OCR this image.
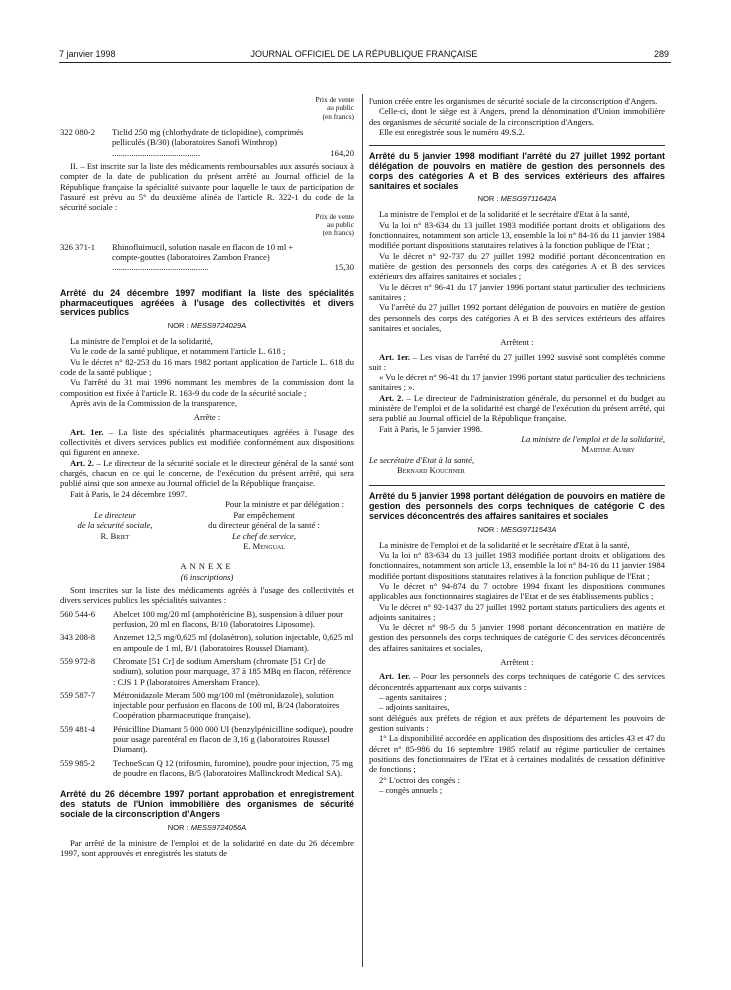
7 janvier 1998	JOURNAL OFFICIEL DE LA RÉPUBLIQUE FRANÇAISE	289
Prix de vente
au public
(en francs)
322 080-2	Ticlid 250 mg (chlorhydrate de ticlopidine), comprimés pelliculés (B/30) (laboratoires Sanofi Winthrop) .........................................	164,20

II. – Est inscrite sur la liste des médicaments remboursables aux assurés sociaux à compter de la date de publication du présent arrêté au Journal officiel de la République française la spécialité suivante pour laquelle le taux de participation de l'assuré est prévu au 5° du deuxième alinéa de l'article R. 322-1 du code de la sécurité sociale :

Prix de vente
au public
(en francs)
326 371-1	Rhinofluimucil, solution nasale en flacon de 10 ml + compte-gouttes (laboratoires Zambon France) .............................................	15,30
Arrêté du 24 décembre 1997 modifiant la liste des spécialités pharmaceutiques agréées à l'usage des collectivités et divers services publics
NOR : MESS9724029A

La ministre de l'emploi et de la solidarité,

Vu le code de la santé publique, et notamment l'article L. 618 ;

Vu le décret n° 82-253 du 16 mars 1982 portant application de l'article L. 618 du code de la santé publique ;

Vu l'arrêté du 31 mai 1996 nommant les membres de la commission dont la composition est fixée à l'article R. 163-9 du code de la sécurité sociale ;

Après avis de la Commission de la transparence,

Arrête :

Art. 1er. – La liste des spécialités pharmaceutiques agréées à l'usage des collectivités et divers services publics est modifiée conformément aux dispositions qui figurent en annexe.

Art. 2. – Le directeur de la sécurité sociale et le directeur général de la santé sont chargés, chacun en ce qui le concerne, de l'exécution du présent arrêté, qui sera publié ainsi que son annexe au Journal officiel de la République française.

Fait à Paris, le 24 décembre 1997.

Pour la ministre et par délégation :

Le directeur
de la sécurité sociale,
R. Briet
Par empêchement
du directeur général de la santé :
Le chef de service,
E. Mengual
ANNEXE
(6 inscriptions)

Sont inscrites sur la liste des médicaments agréés à l'usage des collectivités et divers services publics les spécialités suivantes :

560 544-6	Abelcet 100 mg/20 ml (amphotéricine B), suspension à diluer pour perfusion, 20 ml en flacons, B/10 (laboratoires Liposome).
343 208-8	Anzemet 12,5 mg/0,625 ml (dolasétron), solution injectable, 0,625 ml en ampoule de 1 ml, B/1 (laboratoires Roussel Diamant).
559 972-8	Chromate [51 Cr] de sodium Amersham (chromate [51 Cr] de sodium), solution pour marquage, 37 à 185 MBq en flacon, référence : CJS 1 P (laboratoires Amersham France).
559 587-7	Métronidazole Meram 500 mg/100 ml (métronidazole), solution injectable pour perfusion en flacons de 100 ml, B/24 (laboratoires Coopération pharmaceutique française).
559 481-4	Pénicilline Diamant 5 000 000 UI (benzylpénicilline sodique), poudre pour usage parentéral en flacon de 3,16 g (laboratoires Roussel Diamant).
559 985-2	TechneScan Q 12 (trifosmin, furomine), poudre pour injection, 75 mg de poudre en flacons, B/5 (laboratoires Mallinckrodt Medical SA).
Arrêté du 26 décembre 1997 portant approbation et enregistrement des statuts de l'Union immobilière des organismes de sécurité sociale de la circonscription d'Angers
NOR : MESS9724056A

Par arrêté de la ministre de l'emploi et de la solidarité en date du 26 décembre 1997, sont approuvés et enregistrés les statuts de

l'union créée entre les organismes de sécurité sociale de la circonscription d'Angers.

Celle-ci, dont le siège est à Angers, prend la dénomination d'Union immobilière des organismes de sécurité sociale de la circonscription d'Angers.

Elle est enregistrée sous le numéro 49.S.2.

Arrêté du 5 janvier 1998 modifiant l'arrêté du 27 juillet 1992 portant délégation de pouvoirs en matière de gestion des personnels des corps des catégories A et B des services extérieurs des affaires sanitaires et sociales
NOR : MESG9711642A

La ministre de l'emploi et de la solidarité et le secrétaire d'Etat à la santé,

Vu la loi n° 83-634 du 13 juillet 1983 modifiée portant droits et obligations des fonctionnaires, notamment son article 13, ensemble la loi n° 84-16 du 11 janvier 1984 modifiée portant dispositions statutaires relatives à la fonction publique de l'Etat ;

Vu le décret n° 92-737 du 27 juillet 1992 modifié portant déconcentration en matière de gestion des personnels des corps des catégories A et B des services extérieurs des affaires sanitaires et sociales ;

Vu le décret n° 96-41 du 17 janvier 1996 portant statut particulier des techniciens sanitaires ;

Vu l'arrêté du 27 juillet 1992 portant délégation de pouvoirs en matière de gestion des personnels des corps des catégories A et B des services extérieurs des affaires sanitaires et sociales,

Arrêtent :

Art. 1er. – Les visas de l'arrêté du 27 juillet 1992 susvisé sont complétés comme suit :

« Vu le décret n° 96-41 du 17 janvier 1996 portant statut particulier des techniciens sanitaires ; ».

Art. 2. – Le directeur de l'administration générale, du personnel et du budget au ministère de l'emploi et de la solidarité est chargé de l'exécution du présent arrêté, qui sera publié au Journal officiel de la République française.

Fait à Paris, le 5 janvier 1998.

La ministre de l'emploi et de la solidarité,

Martine Aubry

Le secrétaire d'Etat à la santé,

Bernard Kouchner

Arrêté du 5 janvier 1998 portant délégation de pouvoirs en matière de gestion des personnels des corps techniques de catégorie C des services déconcentrés des affaires sanitaires et sociales
NOR : MESG9711543A

La ministre de l'emploi et de la solidarité et le secrétaire d'Etat à la santé,

Vu la loi n° 83-634 du 13 juillet 1983 modifiée portant droits et obligations des fonctionnaires, notamment son article 13, ensemble la loi n° 84-16 du 11 janvier 1984 modifiée portant dispositions statutaires relatives à la fonction publique de l'Etat ;

Vu le décret n° 94-874 du 7 octobre 1994 fixant les dispositions communes applicables aux fonctionnaires stagiaires de l'Etat et de ses établissements publics ;

Vu le décret n° 92-1437 du 27 juillet 1992 portant statuts particuliers des agents et adjoints sanitaires ;

Vu le décret n° 98-5 du 5 janvier 1998 portant déconcentration en matière de gestion des personnels des corps techniques de catégorie C des services déconcentrés des affaires sanitaires et sociales,

Arrêtent :

Art. 1er. – Pour les personnels des corps techniques de catégorie C des services déconcentrés appartenant aux corps suivants :

– agents sanitaires ;

– adjoints sanitaires,

sont délégués aux préfets de région et aux préfets de département les pouvoirs de gestion suivants :

1° La disponibilité accordée en application des dispositions des articles 43 et 47 du décret n° 85-986 du 16 septembre 1985 relatif au régime particulier de certaines positions des fonctionnaires de l'Etat et à certaines modalités de cessation définitive de fonctions ;

2° L'octroi des congés :

– congés annuels ;
